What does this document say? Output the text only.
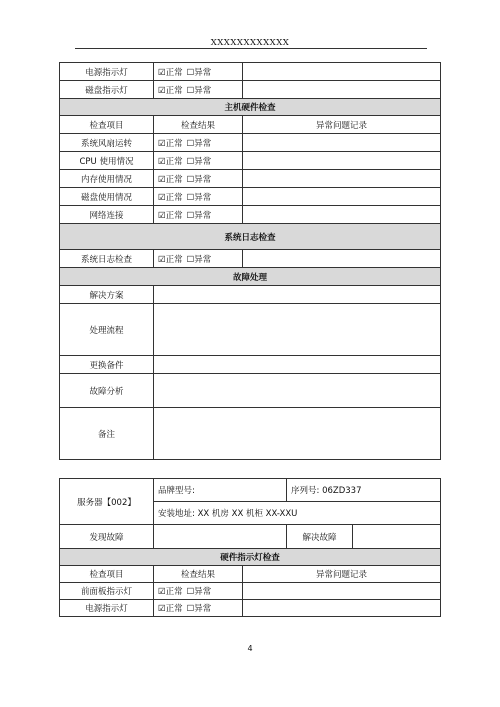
XXXXXXXXXXXX
电源指示灯	☑正常 ☐异常	
磁盘指示灯	☑正常 ☐异常	
主机硬件检查		
检查项目	检查结果	异常问题记录
系统风扇运转	☑正常 ☐异常	
CPU 使用情况	☑正常 ☐异常	
内存使用情况	☑正常 ☐异常	
磁盘使用情况	☑正常 ☐异常	
网络连接	☑正常 ☐异常	
系统日志检查		
系统日志检查	☑正常 ☐异常	
故障处理		
解决方案		
处理流程		
更换备件		
故障分析		
备注		
服务器【002】	品牌型号:		序列号: 06ZD337	
	安装地址: XX 机房 XX 机柜 XX-XXU			
发现故障			解决故障	
硬件指示灯检查				
检查项目	检查结果	异常问题记录		
前面板指示灯	☑正常 ☐异常			
电源指示灯	☑正常 ☐异常			
4
